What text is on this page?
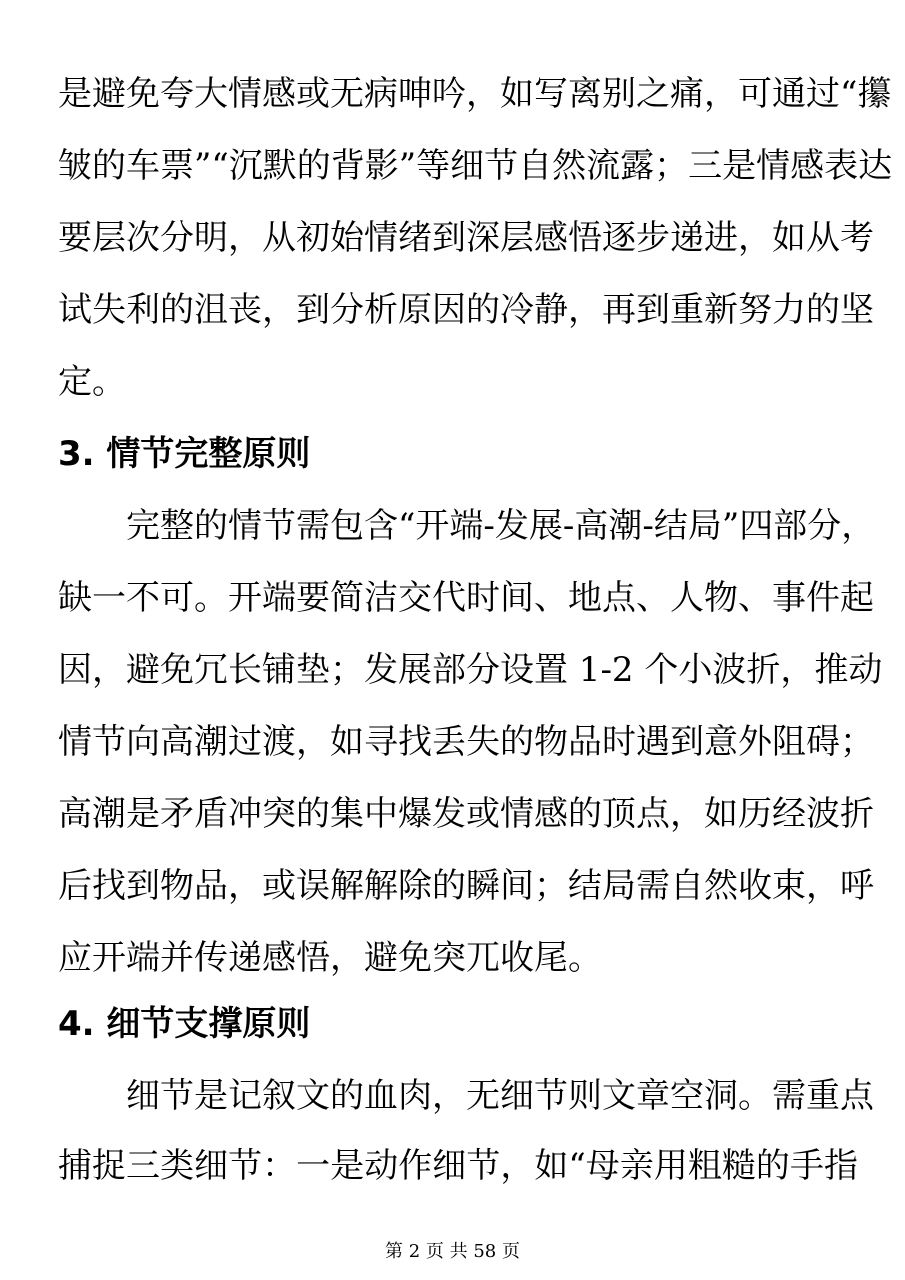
是避免夸大情感或无病呻吟，如写离别之痛，可通过“攥
皱的车票”“沉默的背影”等细节自然流露；三是情感表达
要层次分明，从初始情绪到深层感悟逐步递进，如从考
试失利的沮丧，到分析原因的冷静，再到重新努力的坚
定。
3. 情节完整原则
完整的情节需包含“开端-发展-高潮-结局”四部分，
缺一不可。开端要简洁交代时间、地点、人物、事件起
因，避免冗长铺垫；发展部分设置 1-2 个小波折，推动
情节向高潮过渡，如寻找丢失的物品时遇到意外阻碍；
高潮是矛盾冲突的集中爆发或情感的顶点，如历经波折
后找到物品，或误解解除的瞬间；结局需自然收束，呼
应开端并传递感悟，避免突兀收尾。
4. 细节支撑原则
细节是记叙文的血肉，无细节则文章空洞。需重点
捕捉三类细节：一是动作细节，如“母亲用粗糙的手指
第 2 页 共 58 页
